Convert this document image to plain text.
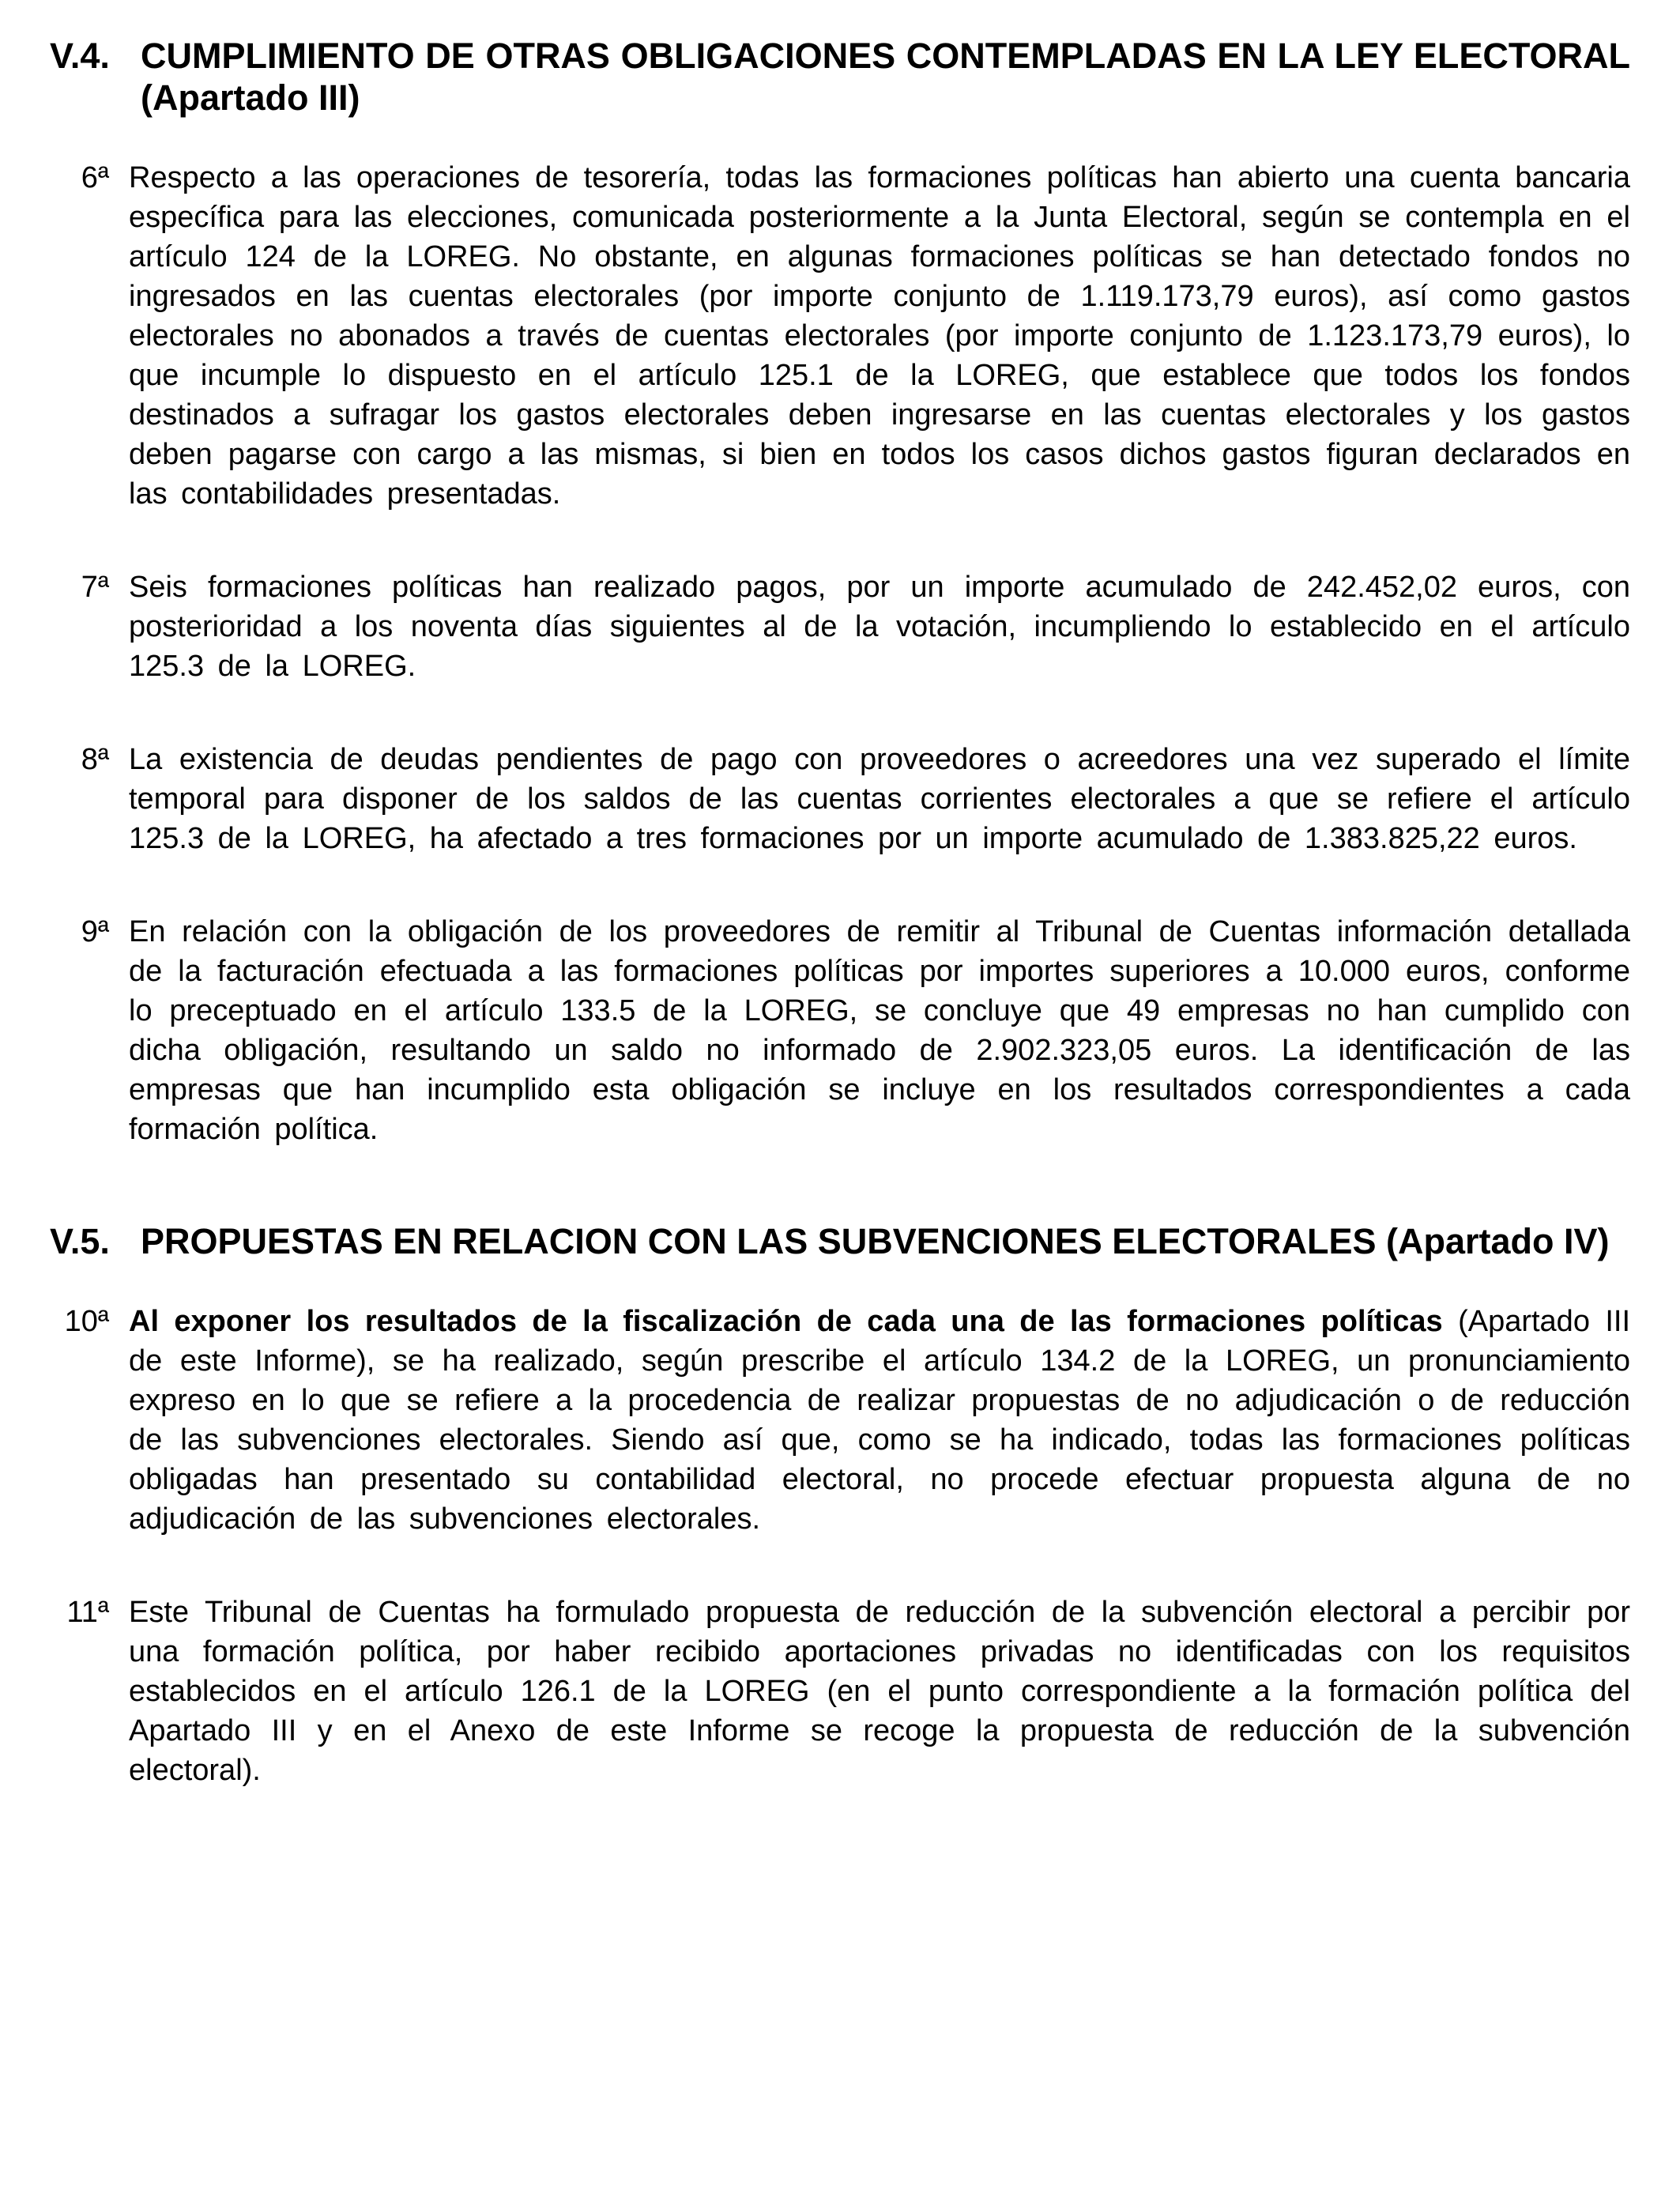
V.4. CUMPLIMIENTO DE OTRAS OBLIGACIONES CONTEMPLADAS EN LA LEY ELECTORAL (Apartado III)
6ª Respecto a las operaciones de tesorería, todas las formaciones políticas han abierto una cuenta bancaria específica para las elecciones, comunicada posteriormente a la Junta Electoral, según se contempla en el artículo 124 de la LOREG. No obstante, en algunas formaciones políticas se han detectado fondos no ingresados en las cuentas electorales (por importe conjunto de 1.119.173,79 euros), así como gastos electorales no abonados a través de cuentas electorales (por importe conjunto de 1.123.173,79 euros), lo que incumple lo dispuesto en el artículo 125.1 de la LOREG, que establece que todos los fondos destinados a sufragar los gastos electorales deben ingresarse en las cuentas electorales y los gastos deben pagarse con cargo a las mismas, si bien en todos los casos dichos gastos figuran declarados en las contabilidades presentadas.
7ª Seis formaciones políticas han realizado pagos, por un importe acumulado de 242.452,02 euros, con posterioridad a los noventa días siguientes al de la votación, incumpliendo lo establecido en el artículo 125.3 de la LOREG.
8ª La existencia de deudas pendientes de pago con proveedores o acreedores una vez superado el límite temporal para disponer de los saldos de las cuentas corrientes electorales a que se refiere el artículo 125.3 de la LOREG, ha afectado a tres formaciones por un importe acumulado de 1.383.825,22 euros.
9ª En relación con la obligación de los proveedores de remitir al Tribunal de Cuentas información detallada de la facturación efectuada a las formaciones políticas por importes superiores a 10.000 euros, conforme lo preceptuado en el artículo 133.5 de la LOREG, se concluye que 49 empresas no han cumplido con dicha obligación, resultando un saldo no informado de 2.902.323,05 euros. La identificación de las empresas que han incumplido esta obligación se incluye en los resultados correspondientes a cada formación política.
V.5. PROPUESTAS EN RELACION CON LAS SUBVENCIONES ELECTORALES (Apartado IV)
10ª Al exponer los resultados de la fiscalización de cada una de las formaciones políticas (Apartado III de este Informe), se ha realizado, según prescribe el artículo 134.2 de la LOREG, un pronunciamiento expreso en lo que se refiere a la procedencia de realizar propuestas de no adjudicación o de reducción de las subvenciones electorales. Siendo así que, como se ha indicado, todas las formaciones políticas obligadas han presentado su contabilidad electoral, no procede efectuar propuesta alguna de no adjudicación de las subvenciones electorales.
11ª Este Tribunal de Cuentas ha formulado propuesta de reducción de la subvención electoral a percibir por una formación política, por haber recibido aportaciones privadas no identificadas con los requisitos establecidos en el artículo 126.1 de la LOREG (en el punto correspondiente a la formación política del Apartado III y en el Anexo de este Informe se recoge la propuesta de reducción de la subvención electoral).
